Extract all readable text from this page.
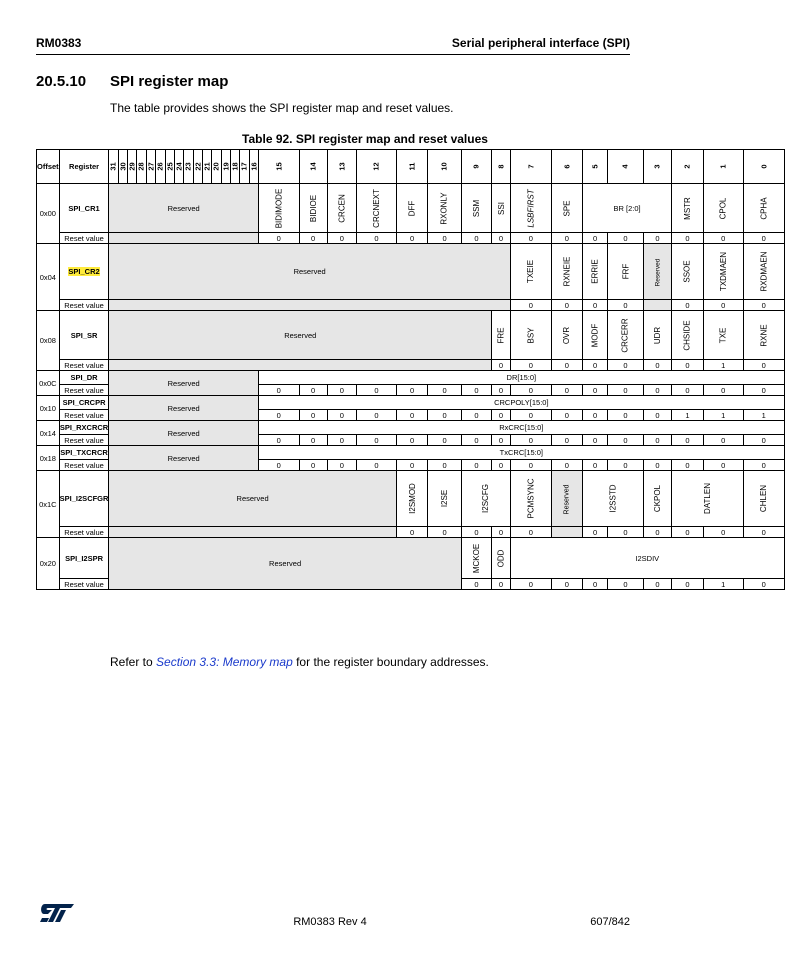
RM0383	Serial peripheral interface (SPI)
20.5.10 SPI register map
The table provides shows the SPI register map and reset values.
Table 92. SPI register map and reset values
Offset	Register	31	30	29	28	27	26	25	24	23	22	21	20	19	18	17	16	15	14	13	12	11	10	9	8	7	6	5	4	3	2	1	0
0x00	SPI_CR1	Reserved																BIDIMODE	BIDIOE	CRCEN	CRCNEXT	DFF	RXONLY	SSM	SSI	LSBFIRST	SPE	BR [2:0]			MSTR	CPOL	CPHA
	Reset value																	0	0	0	0	0	0	0	0	0	0	0	0	0	0	0	0
0x04	SPI_CR2	Reserved																								TXEIE	RXNEIE	ERRIE	FRF	Reserved	SSOE	TXDMAEN	RXDMAEN
	Reset value																									0	0	0	0		0	0	0
0x08	SPI_SR	Reserved																							FRE	BSY	OVR	MODF	CRCERR	UDR	CHSIDE	TXE	RXNE
	Reset value																								0	0	0	0	0	0	0	1	0
0x0C	SPI_DR	Reserved																DR[15:0]															
	Reset value																	0	0	0	0	0	0	0	0	0	0	0	0	0	0	0	0
0x10	SPI_CRCPR	Reserved																CRCPOLY[15:0]															
	Reset value																	0	0	0	0	0	0	0	0	0	0	0	0	0	1	1	1
0x14	SPI_RXCRCR	Reserved																RxCRC[15:0]															
	Reset value																	0	0	0	0	0	0	0	0	0	0	0	0	0	0	0	0
0x18	SPI_TXCRCR	Reserved																TxCRC[15:0]															
	Reset value																	0	0	0	0	0	0	0	0	0	0	0	0	0	0	0	0
0x1C	SPI_I2SCFGR	Reserved																				I2SMOD	I2SE	I2SCFG		PCMSYNC	Reserved	I2SSTD		CKPOL	DATLEN		CHLEN
	Reset value																					0	0	0	0	0		0	0	0	0	0	0
0x20	SPI_I2SPR	Reserved																						MCKOE	ODD	I2SDIV							
	Reset value																							0	0	0	0	0	0	0	0	1	0
Refer to Section 3.3: Memory map for the register boundary addresses.
RM0383 Rev 4	607/842
